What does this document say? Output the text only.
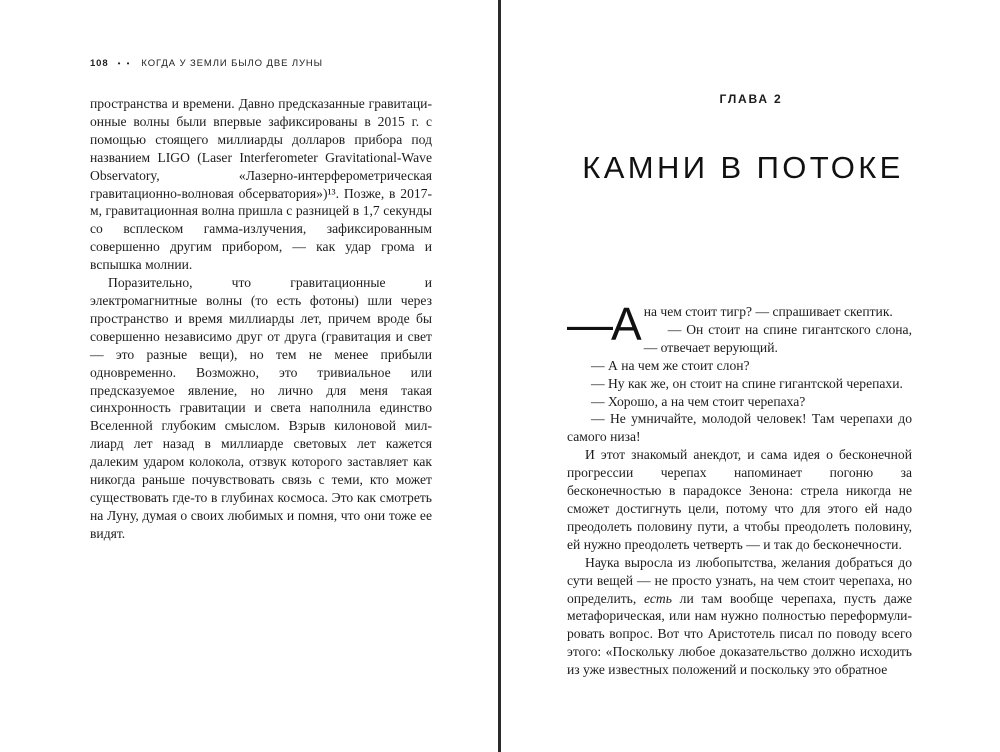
108 • • КОГДА У ЗЕМЛИ БЫЛО ДВЕ ЛУНЫ

пространства и времени. Давно предсказанные гравитационные волны были впервые зафиксированы в 2015 г. с помощью стоящего миллиарды долларов прибора под названием LIGO (Laser Interferometer Gravitational-Wave Observatory, «Лазерно-интерферометрическая гравитационно-волновая обсерватория»)¹³. Позже, в 2017-м, гравитационная волна пришла с разницей в 1,7 секунды со всплеском гамма-излучения, зафиксированным совершенно другим прибором, — как удар грома и вспышка молнии.

Поразительно, что гравитационные и электромагнитные волны (то есть фотоны) шли через пространство и время миллиарды лет, причем вроде бы совершенно независимо друг от друга (гравитация и свет — это разные вещи), но тем не менее прибыли одновременно. Возможно, это тривиальное или предсказуемое явление, но лично для меня такая синхронность гравитации и света наполнила единство Вселенной глубоким смыслом. Взрыв килоновой миллиард лет назад в миллиарде световых лет кажется далеким ударом колокола, отзвук которого заставляет как никогда раньше почувствовать связь с теми, кто может существовать где-то в глубинах космоса. Это как смотреть на Луну, думая о своих любимых и помня, что они тоже ее видят.

ГЛАВА 2
КАМНИ В ПОТОКЕ

—А на чем стоит тигр? — спрашивает скептик.

— Он стоит на спине гигантского слона, — отвечает верующий.

— А на чем же стоит слон?

— Ну как же, он стоит на спине гигантской черепахи.

— Хорошо, а на чем стоит черепаха?

— Не умничайте, молодой человек! Там черепахи до самого низа!

И этот знакомый анекдот, и сама идея о бесконечной прогрессии черепах напоминает погоню за бесконечностью в парадоксе Зенона: стрела никогда не сможет достигнуть цели, потому что для этого ей надо преодолеть половину пути, а чтобы преодолеть половину, ей нужно преодолеть четверть — и так до бесконечности.

Наука выросла из любопытства, желания добраться до сути вещей — не просто узнать, на чем стоит черепаха, но определить, есть ли там вообще черепаха, пусть даже метафорическая, или нам нужно полностью переформулировать вопрос. Вот что Аристотель писал по поводу всего этого: «Поскольку любое доказательство должно исходить из уже известных положений и поскольку это обратное
